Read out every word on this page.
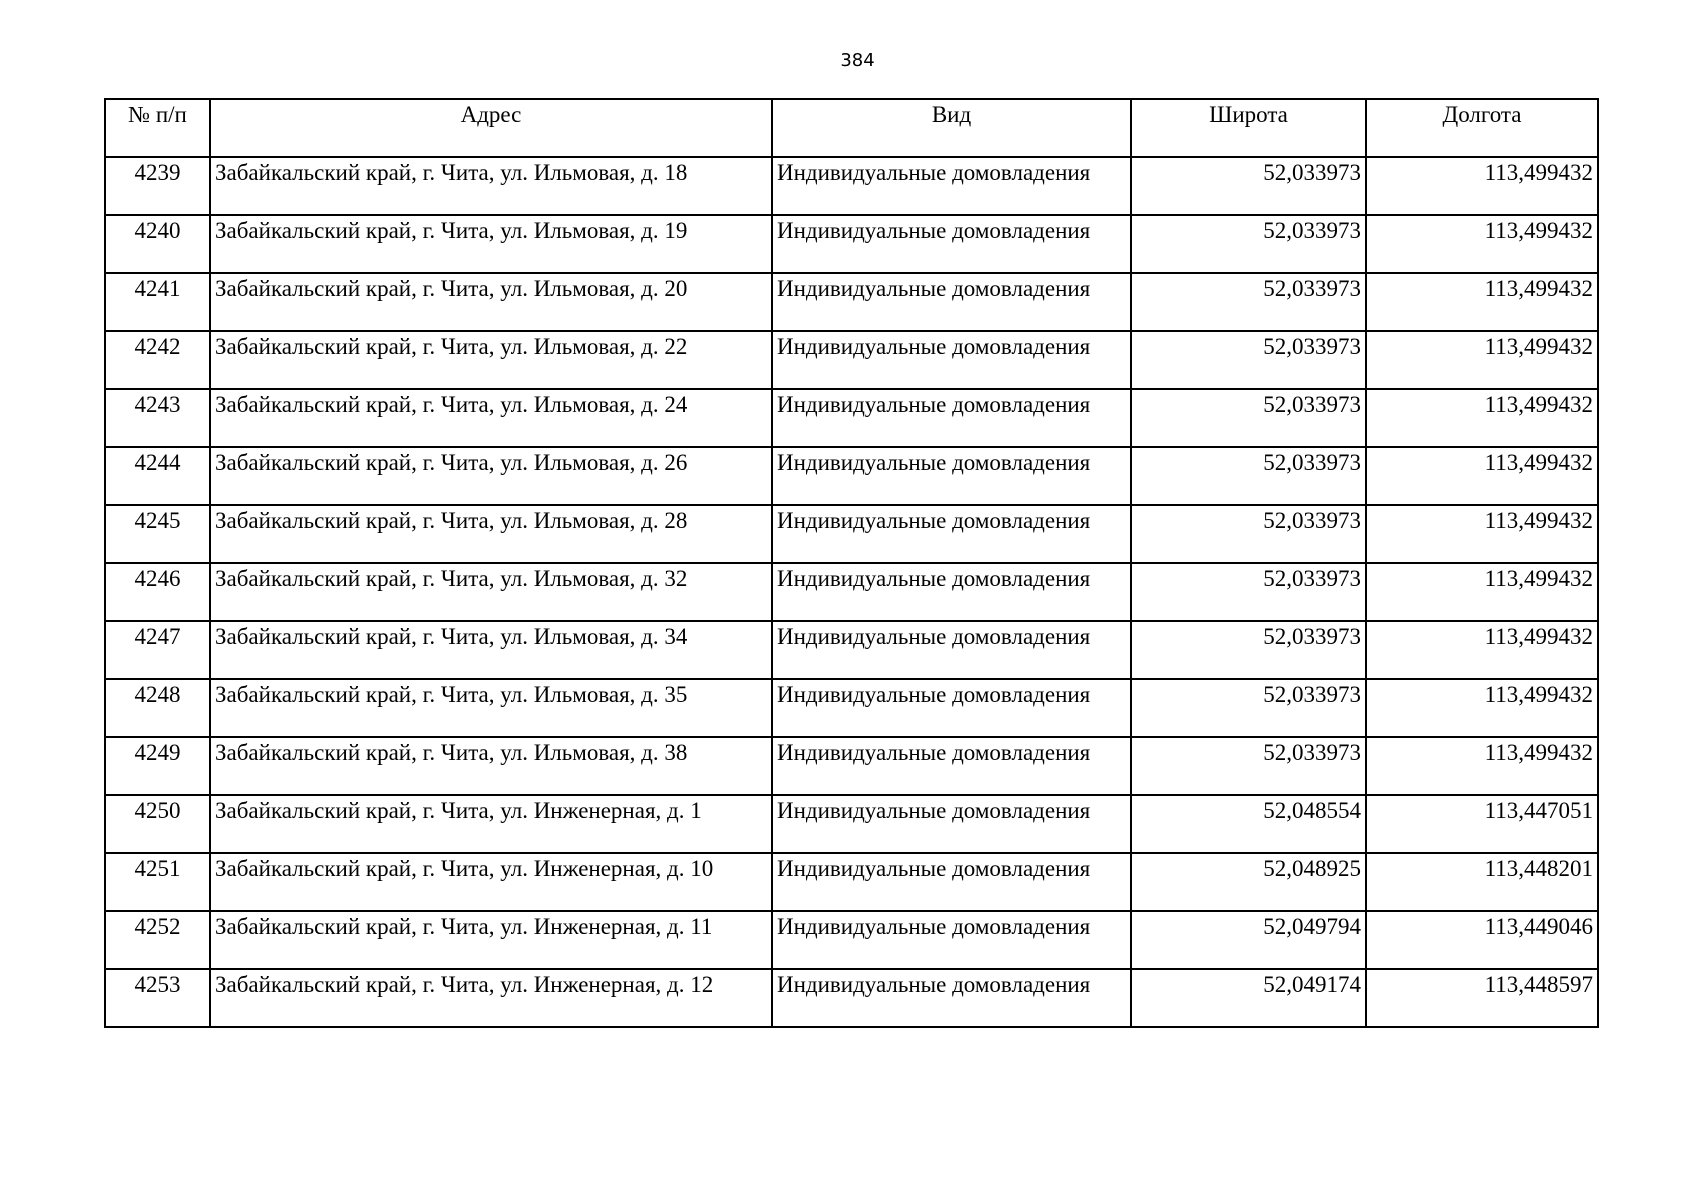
384
№ п/п	Адрес	Вид	Широта	Долгота
4239	Забайкальский край, г. Чита, ул. Ильмовая, д. 18	Индивидуальные домовладения	52,033973	113,499432
4240	Забайкальский край, г. Чита, ул. Ильмовая, д. 19	Индивидуальные домовладения	52,033973	113,499432
4241	Забайкальский край, г. Чита, ул. Ильмовая, д. 20	Индивидуальные домовладения	52,033973	113,499432
4242	Забайкальский край, г. Чита, ул. Ильмовая, д. 22	Индивидуальные домовладения	52,033973	113,499432
4243	Забайкальский край, г. Чита, ул. Ильмовая, д. 24	Индивидуальные домовладения	52,033973	113,499432
4244	Забайкальский край, г. Чита, ул. Ильмовая, д. 26	Индивидуальные домовладения	52,033973	113,499432
4245	Забайкальский край, г. Чита, ул. Ильмовая, д. 28	Индивидуальные домовладения	52,033973	113,499432
4246	Забайкальский край, г. Чита, ул. Ильмовая, д. 32	Индивидуальные домовладения	52,033973	113,499432
4247	Забайкальский край, г. Чита, ул. Ильмовая, д. 34	Индивидуальные домовладения	52,033973	113,499432
4248	Забайкальский край, г. Чита, ул. Ильмовая, д. 35	Индивидуальные домовладения	52,033973	113,499432
4249	Забайкальский край, г. Чита, ул. Ильмовая, д. 38	Индивидуальные домовладения	52,033973	113,499432
4250	Забайкальский край, г. Чита, ул. Инженерная, д. 1	Индивидуальные домовладения	52,048554	113,447051
4251	Забайкальский край, г. Чита, ул. Инженерная, д. 10	Индивидуальные домовладения	52,048925	113,448201
4252	Забайкальский край, г. Чита, ул. Инженерная, д. 11	Индивидуальные домовладения	52,049794	113,449046
4253	Забайкальский край, г. Чита, ул. Инженерная, д. 12	Индивидуальные домовладения	52,049174	113,448597
